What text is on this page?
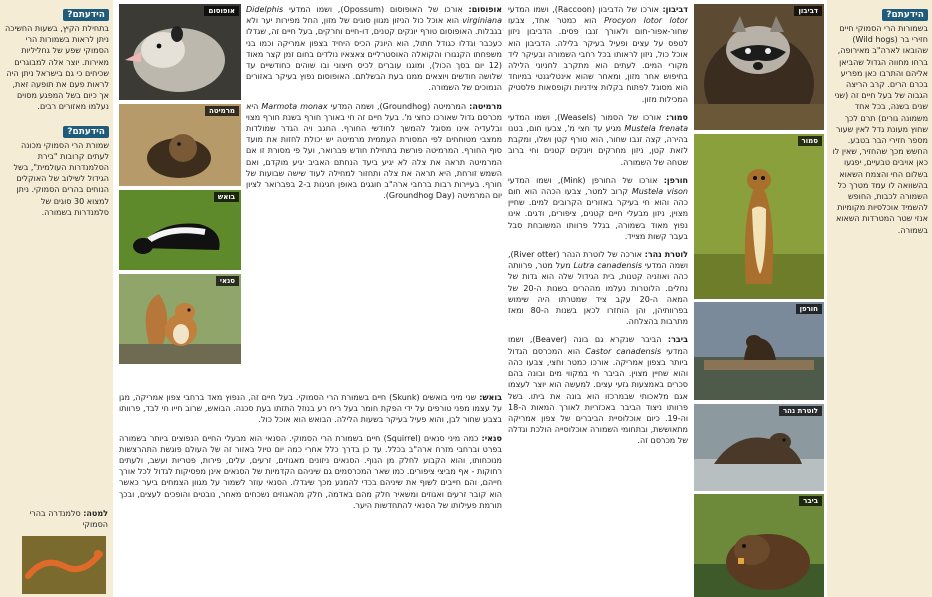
הידעתם?
בשמורות הרי הסמוקי חיים חזירי בר (Wild hogs) שהובאו לארה"ב מאירופה, ברחו מחווה הגדול שהביאן אליהם והתרבו כאן מפריע בכרם הרים. קרב הריצה הגבוה של בעל חיים זה (שני שנים בשנה, בכל אחד משמונה גורים) תרם לכך שחוץ מעונת גדל לאין שעור מספר חזירי הבר בטבע. החשש מכך שהחזיר, שאין לו כאן אויבים טבעיים, יפגעו בשלום החי והצמח השאוא בהשוואה לו עמד מטרך כל השמורה לכבות, החופש להשמיד אוכלסיות מקומיות אנזי שטר המטרדות השאוא בשמורה.
דביבון
סמור
חורפן
לוטרת נהר
ביבר

דביבון: אורכו של הדביבון (Raccoon), ושמו המדעי Procyon lotor lotor הוא כמטר אחד, צבעו שחור-אפור-חום ולאורך זנבו פסים. הדביבון ניזון לטפס על עצים ופעיל בעיקר בלילה. הדביבון הוא אוכל כול, ניזון לראותו בכל רחבי השמורה ובעיקר ליד מקורי המים. לעתים הוא מתקרב לחניוני הלילה בחיפוש אחר מזון, ומאחר שהוא אינטליגנטי במיוחד הוא מסוגל לפתוח בקלות צידניות וקופסאות פלסטיק המכילות מזון.

סמור: אורכו של הסמור (Weasels), ושמו המדעי Mustela frenata מגיע עד חצי מ', צבעו חום, בטנו בהירה, קצה זנבו שחור, הוא טורף קטן ושלו, ומקבת לזאת קטן, ניזון מחרקים ויונקים קטנים וחי ברוב שטחה של השמורה.

חורפן: אורכו של החורפן (Mink), ושמו המדעי Mustela vison קרוב למטר, צבעו הכהה הוא חום כהה והוא חי בעיקר באזורים הקרובים למים. שחיין מצוין, ניזון מבעלי חיים קטנים, ציפורים, ודגים. אינו נפוץ מאוד בשמורה, בגלל פרוותו המשובחת סבל בעבר קשות מצייד.

לוטרת נהר: אורכה של לוטרת הנהר (River otter), ושמה המדעי Lutra canadensis מעל מטר, פרוותה כהה ואוזניה קטנות, בית הגידול שלה הוא גדות של נחלים. הלוטרות נעלמו מההרים בשנות ה-20 של המאה ה-20 עקב ציד שמטרתו היה שימוש בפרוותיהן, והן הוחזרו לכאן בשנות ה-80 ומאז מתרבות בהצלחה.

ביבר: הביבר שנקרא גם בונה (Beaver), ושמו המדעי Castor canadensis הוא המכרסם הגדול ביותר בצפון אמריקה. אורכו כמטר וחצי, צבעו כהה והוא שחיין מצוין. הביבר חי במקווי מים ובונה בהם סכרים באמצעות גזעי עצים. למעשה הוא יוצר לעצמו אגם מלאכותי שבמרכזו הוא בונה את ביתו. בשל פרוותו ניצוד הביבר באכזריות לאורך המאות ה-18 וה-19. כיום אוכלוסיית הביברים של צפון אמריקה מתאוששת, ובתחומי השמורה אוכלוסייה הולכת וגדלה של מכרסם זה.

אופוסום: אורכו של האופוסום (Opossum), ושמו המדעי Didelphis virginiana הוא אוכל כול הניזון מגוון סוגים של מזון, החל מפירות יער ולא בגבלות. האופוסום טורף יונקים קטנים, דו-חיים וחרקים, בעל חיים זה, שגדלו כעכבר וגדלו כגודל חתול, הוא היונק הכיס היחיד בצפון אמריקה וכמו בני משפחתו הקנגורו והקואלה האוסטרליים צאצאיו נולדים בחום זמן קצר מאוד (12 יום בסך הכול), ומוגנו עוברים לכיס חיצוני ובו שוהים כחודשיים עד שלושה חודשים ויוצאים ממנו בעת הבשלתם. האופוסום נפוץ בעיקר באזורים הנמוכים של השמורה.

מרמיטה: המרמיטה (Groundhog), ושמה המדעי Marmota monax היא מכרסם גדול שאורכו כחצי מ'. בעל חיים זה חי באורך חורף בשנת חורף מצוי ובלעדיה אינו מסוגל להמשך לחודשי החורף. החגב ויה הגדר שמולדות ממצבי מטוחחים לפי המסורת העממית מרמיטה יש יכולת לחזות את מועד סוף החורף. המרמיטה פורשת בתחילת חודש פברואר, ועל פי מסורת זו אם המרמיטה תראה את צלה לא יגיע ביעד הנחתם האביב יגיע מוקדם, ואם השמש זורחת, היא תראה את צלה ותחזור למחילה לעוד שישה שבועות של חורף. בעיירות רבות ברחבי ארה"ב חוגגים באופן חגיגות ב-2 בפברואר לציון יום המרמיטה (Groundhog Day).

אופוסום
מרמיטה
בואש
סנאי

בואש: שני מיני בואשים (Skunk) חיים בשמורת הרי הסמוקי. בעל חיים זה, הנפוץ מאד ברחבי צפון אמריקה, מגן על עצמו מפני טורפים על ידי הפקת חומר בעל ריח רע בנוזל התזתו בעת סכנה. הבואש, שרוב חייו חי לבד, פרוותו בצבע שחור לבן, והוא פעיל בעיקר בשעות הלילה. הבואש הוא אוכל כול.

סנאי: כמה מיני סנאים (Squirrel) חיים בשמורת הרי הסמוקי. הסנאי הוא מבעלי החיים הנפוצים ביותר בשמורה בפרט וברחבי מזרח ארה"ב בכלל. עד כן בדרך כלל אחרי כמה יום טיול באזור זה של העולם פוגשת התהרצשות מנוכחותו, והוא הקבוע לחלק מן הנוף. הסנאים ניזונים מאגוזים, זרעים, עלים, פירות, פטריות ועשב, ולעתים רחוקות - אף מביצי ציפורים. כמו שאר המכרסמים גם שיניהם הקדמיות של הסנאים אינן מפסיקות לגדול לכל אורך חייהם, והם חייבים לשוף את שיניהם בכדי להמנע מכך שיגדלו. הסנאי עוזר לשמור על מגוון הצמחים ביער כאשר הוא קובר זרעים ואגוזים ומשאיר חלק מהם באדמה, חלק מהאגוזים נשכחים מאחר, נובטים והופכים לעצים, ובכך תורמת פעילותו של הסנאי להתחדשות היער.

הידעתם?
בתחילת הקיץ, בשעות החשיכה ניתן לראות בשמורות הרי הסמוקי שפע של גחליליות מאירות. יוצר אלה למבוגרים שכיחים כי גם בישראל ניתן היה לראות פעם את תופעה זאת, אך כיום בשל המפגע מסוים נעלמו מאזורים רבים.
הידעתם?
שמורת הרי הסמוקי מכונה לעתים קרובות "בירת הסלמנדרות העולמית", בשל הגידול לשילוב של האוקלים הנוחים בהרים הסמוקי. ניתן למצוא 30 סוגים של סלמנדרות בשמורה.
למטה: סלמנדרה בהרי הסמוקי
